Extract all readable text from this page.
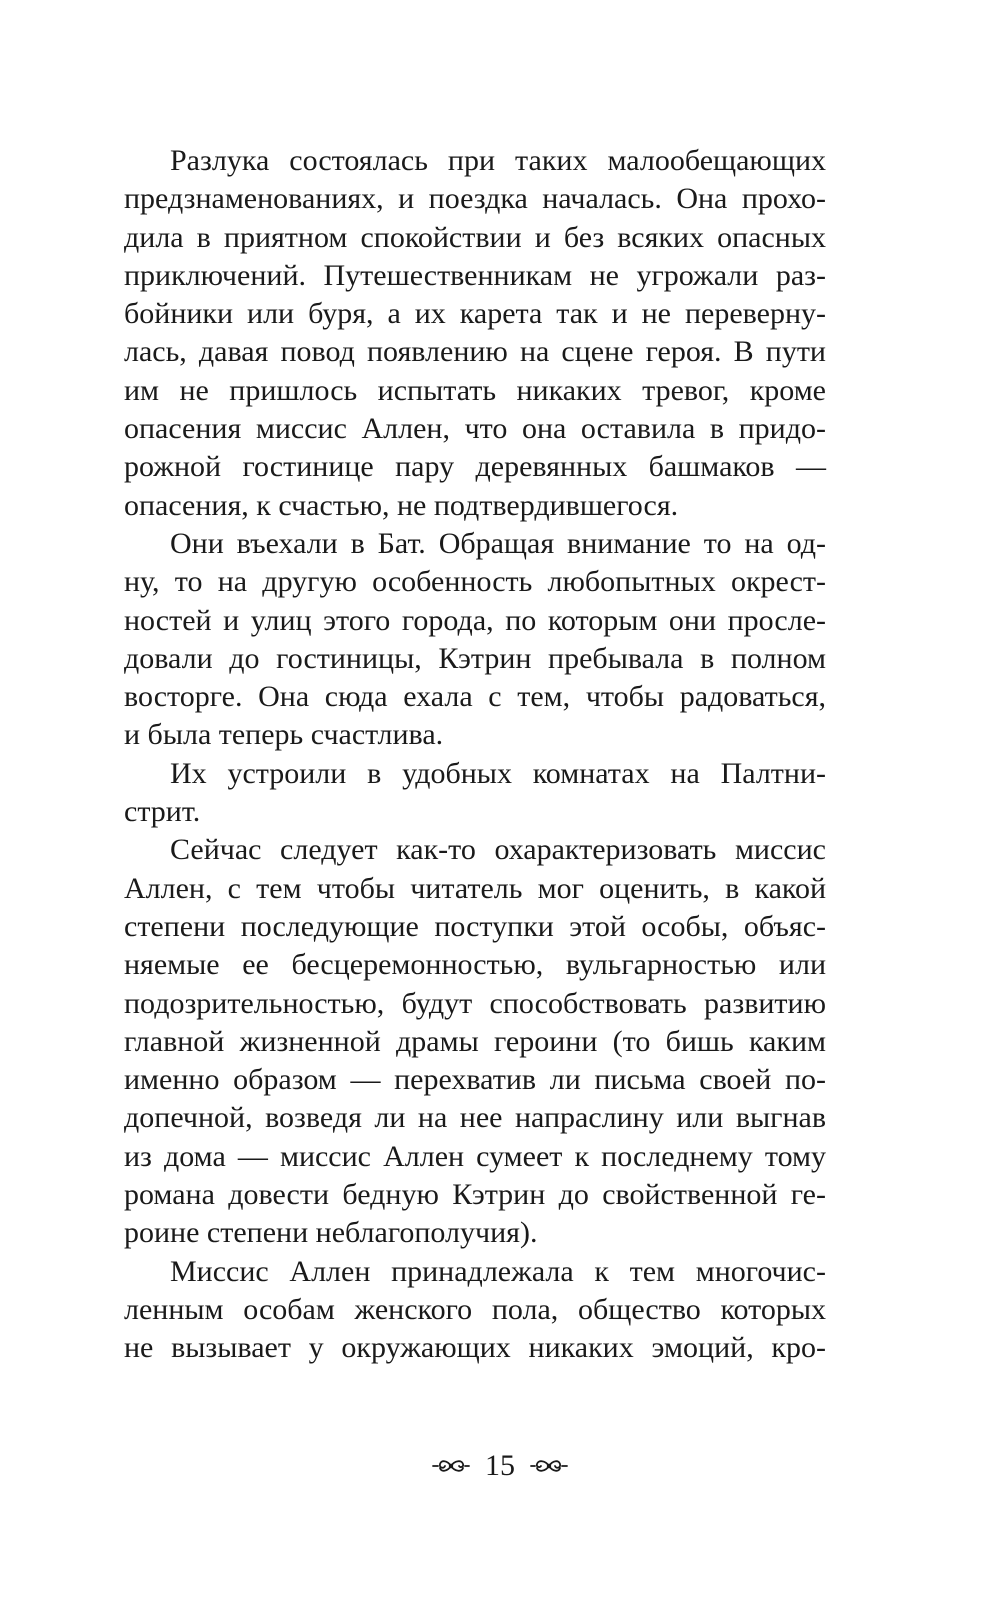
Разлука состоялась при таких малообещающих
предзнаменованиях, и поездка началась. Она прохо-
дила в приятном спокойствии и без всяких опасных
приключений. Путешественникам не угрожали раз-
бойники или буря, а их карета так и не переверну-
лась, давая повод появлению на сцене героя. В пути
им не пришлось испытать никаких тревог, кроме
опасения миссис Аллен, что она оставила в придо-
рожной гостинице пару деревянных башмаков —
опасения, к счастью, не подтвердившегося.
Они въехали в Бат. Обращая внимание то на од-
ну, то на другую особенность любопытных окрест-
ностей и улиц этого города, по которым они просле-
довали до гостиницы, Кэтрин пребывала в полном
восторге. Она сюда ехала с тем, чтобы радоваться,
и была теперь счастлива.
Их устроили в удобных комнатах на Палтни-
стрит.
Сейчас следует как-то охарактеризовать миссис
Аллен, с тем чтобы читатель мог оценить, в какой
степени последующие поступки этой особы, объяс-
няемые ее бесцеремонностью, вульгарностью или
подозрительностью, будут способствовать развитию
главной жизненной драмы героини (то бишь каким
именно образом — перехватив ли письма своей по-
допечной, возведя ли на нее напраслину или выгнав
из дома — миссис Аллен сумеет к последнему тому
романа довести бедную Кэтрин до свойственной ге-
роине степени неблагополучия).
Миссис Аллен принадлежала к тем многочис-
ленным особам женского пола, общество которых
не вызывает у окружающих никаких эмоций, кро-
15
